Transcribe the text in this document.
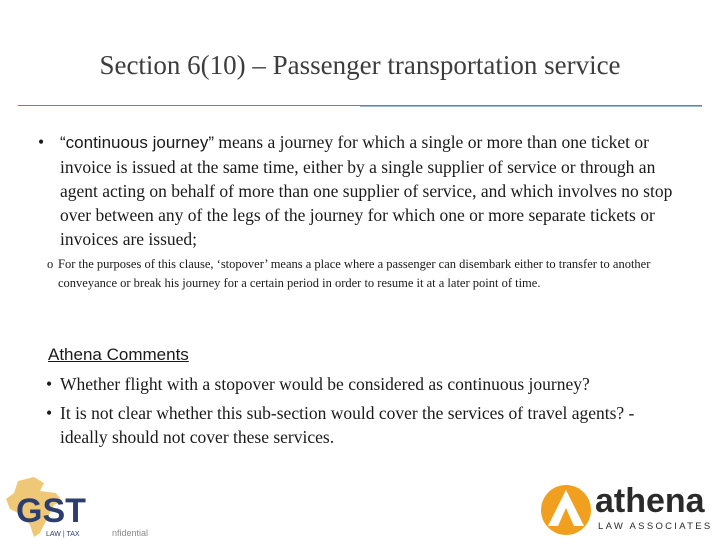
Section 6(10) – Passenger transportation service
• “continuous journey” means a journey for which a single or more than one ticket or invoice is issued at the same time, either by a single supplier of service or through an agent acting on behalf of more than one supplier of service, and which involves no stop over between any of the legs of the journey for which one or more separate tickets or invoices are issued;
o For the purposes of this clause, ‘stopover’ means a place where a passenger can disembark either to transfer to another conveyance or break his journey for a certain period in order to resume it at a later point of time.
Athena Comments
• Whether flight with a stopover would be considered as continuous journey?
• It is not clear whether this sub-section would cover the services of travel agents? - ideally should not cover these services.
GST
LAW | TAX	nfidential
athena
LAW ASSOCIATES
